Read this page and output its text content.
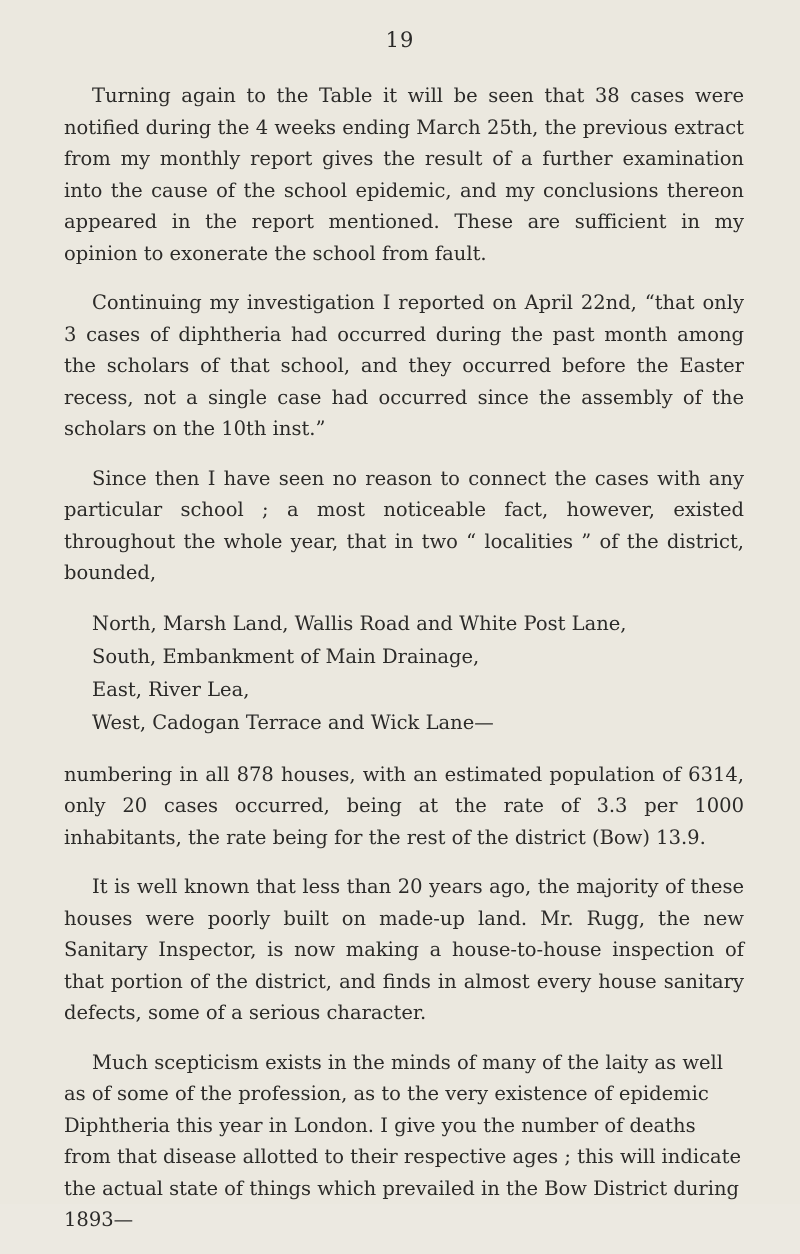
19

Turning again to the Table it will be seen that 38 cases were notified during the 4 weeks ending March 25th, the previous extract from my monthly report gives the result of a further examination into the cause of the school epidemic, and my conclusions thereon appeared in the report mentioned. These are sufficient in my opinion to exonerate the school from fault.

Continuing my investigation I reported on April 22nd, “that only 3 cases of diphtheria had occurred during the past month among the scholars of that school, and they occurred before the Easter recess, not a single case had occurred since the assembly of the scholars on the 10th inst.”

Since then I have seen no reason to connect the cases with any particular school ; a most noticeable fact, however, existed throughout the whole year, that in two “ localities ” of the district, bounded,

North, Marsh Land, Wallis Road and White Post Lane,
South, Embankment of Main Drainage,
East, River Lea,
West, Cadogan Terrace and Wick Lane—

numbering in all 878 houses, with an estimated population of 6314, only 20 cases occurred, being at the rate of 3.3 per 1000 inhabitants, the rate being for the rest of the district (Bow) 13.9.

It is well known that less than 20 years ago, the majority of these houses were poorly built on made-up land. Mr. Rugg, the new Sanitary Inspector, is now making a house-to-house inspection of that portion of the district, and finds in almost every house sanitary defects, some of a serious character.

Much scepticism exists in the minds of many of the laity as well as of some of the profession, as to the very existence of epidemic Diphtheria this year in London. I give you the number of deaths from that disease allotted to their respective ages ; this will indicate the actual state of things which prevailed in the Bow District during 1893—
